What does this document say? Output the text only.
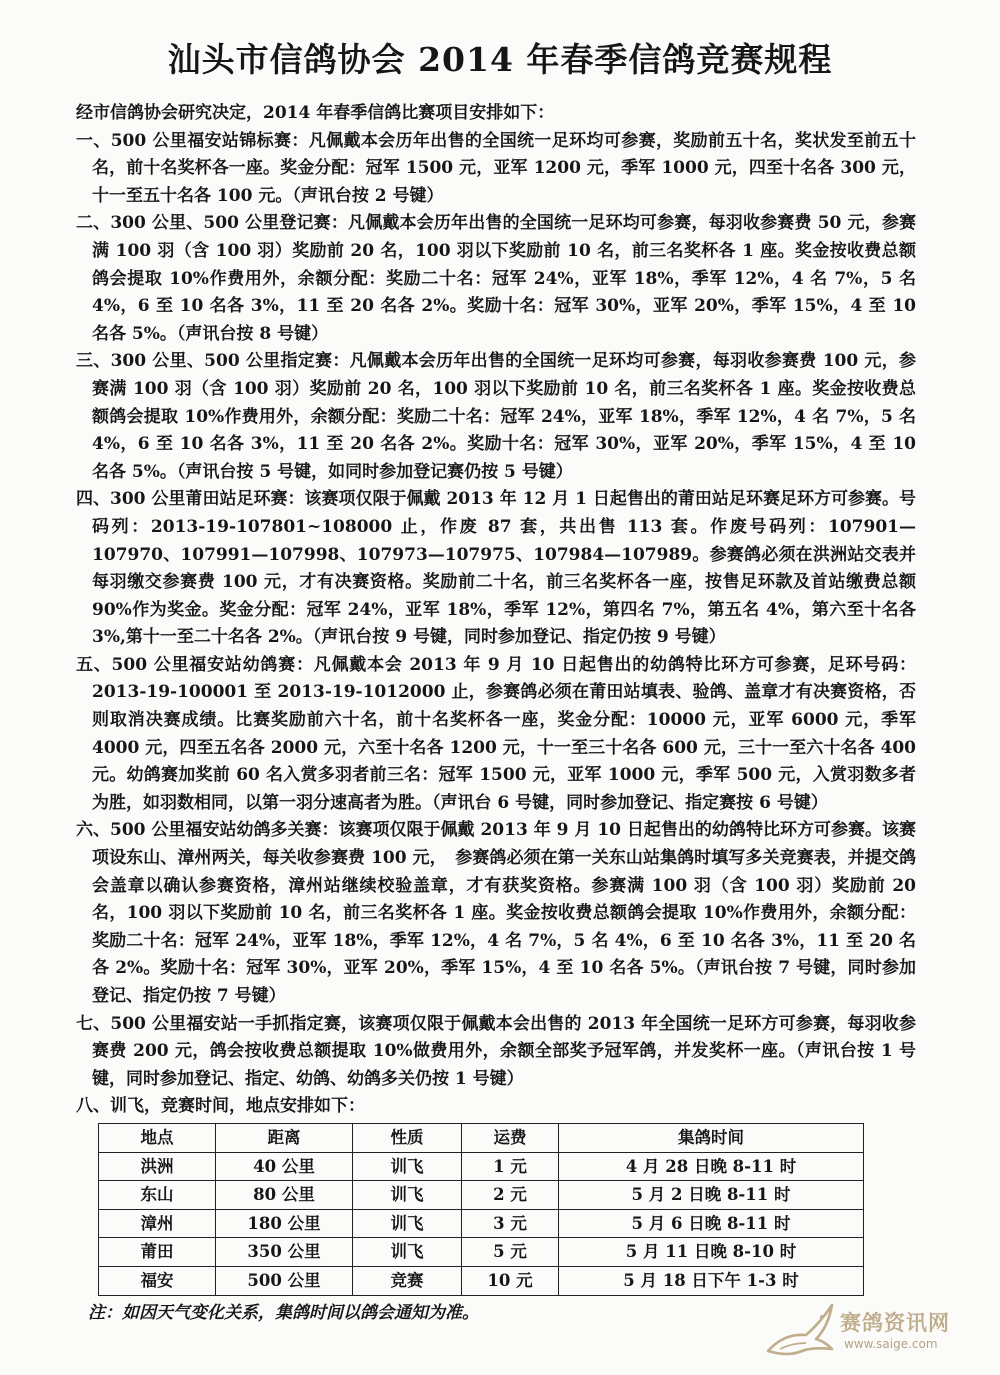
汕头市信鸽协会 2014 年春季信鸽竞赛规程

经市信鸽协会研究决定，2014 年春季信鸽比赛项目安排如下：

一、500 公里福安站锦标赛：凡佩戴本会历年出售的全国统一足环均可参赛，奖励前五十名，奖状发至前五十名，前十名奖杯各一座。奖金分配：冠军 1500 元，亚军 1200 元，季军 1000 元，四至十名各 300 元，十一至五十名各 100 元。（声讯台按 2 号键）

二、300 公里、500 公里登记赛：凡佩戴本会历年出售的全国统一足环均可参赛，每羽收参赛费 50 元，参赛满 100 羽（含 100 羽）奖励前 20 名，100 羽以下奖励前 10 名，前三名奖杯各 1 座。奖金按收费总额鸽会提取 10%作费用外，余额分配：奖励二十名：冠军 24%，亚军 18%，季军 12%，4 名 7%，5 名 4%，6 至 10 名各 3%，11 至 20 名各 2%。奖励十名：冠军 30%，亚军 20%，季军 15%，4 至 10 名各 5%。（声讯台按 8 号键）

三、300 公里、500 公里指定赛：凡佩戴本会历年出售的全国统一足环均可参赛，每羽收参赛费 100 元，参赛满 100 羽（含 100 羽）奖励前 20 名，100 羽以下奖励前 10 名，前三名奖杯各 1 座。奖金按收费总额鸽会提取 10%作费用外，余额分配：奖励二十名：冠军 24%，亚军 18%，季军 12%，4 名 7%，5 名 4%，6 至 10 名各 3%，11 至 20 名各 2%。奖励十名：冠军 30%，亚军 20%，季军 15%，4 至 10 名各 5%。（声讯台按 5 号键，如同时参加登记赛仍按 5 号键）

四、300 公里莆田站足环赛：该赛项仅限于佩戴 2013 年 12 月 1 日起售出的莆田站足环赛足环方可参赛。号码列：2013-19-107801~108000 止，作废 87 套，共出售 113 套。作废号码列：107901—107970、107991—107998、107973—107975、107984—107989。参赛鸽必须在洪洲站交表并每羽缴交参赛费 100 元，才有决赛资格。奖励前二十名，前三名奖杯各一座，按售足环款及首站缴费总额 90%作为奖金。奖金分配：冠军 24%，亚军 18%，季军 12%，第四名 7%，第五名 4%，第六至十名各 3%,第十一至二十名各 2%。（声讯台按 9 号键，同时参加登记、指定仍按 9 号键）

五、500 公里福安站幼鸽赛：凡佩戴本会 2013 年 9 月 10 日起售出的幼鸽特比环方可参赛，足环号码：2013-19-100001 至 2013-19-1012000 止，参赛鸽必须在莆田站填表、验鸽、盖章才有决赛资格，否则取消决赛成绩。比赛奖励前六十名，前十名奖杯各一座，奖金分配：10000 元，亚军 6000 元，季军 4000 元，四至五名各 2000 元，六至十名各 1200 元，十一至三十名各 600 元，三十一至六十名各 400 元。幼鸽赛加奖前 60 名入赏多羽者前三名：冠军 1500 元，亚军 1000 元，季军 500 元，入赏羽数多者为胜，如羽数相同，以第一羽分速高者为胜。（声讯台 6 号键，同时参加登记、指定赛按 6 号键）

六、500 公里福安站幼鸽多关赛：该赛项仅限于佩戴 2013 年 9 月 10 日起售出的幼鸽特比环方可参赛。该赛项设东山、漳州两关，每关收参赛费 100 元，　参赛鸽必须在第一关东山站集鸽时填写多关竞赛表，并提交鸽会盖章以确认参赛资格，漳州站继续校验盖章，才有获奖资格。参赛满 100 羽（含 100 羽）奖励前 20 名，100 羽以下奖励前 10 名，前三名奖杯各 1 座。奖金按收费总额鸽会提取 10%作费用外，余额分配：奖励二十名：冠军 24%，亚军 18%，季军 12%，4 名 7%，5 名 4%，6 至 10 名各 3%，11 至 20 名各 2%。奖励十名：冠军 30%，亚军 20%，季军 15%，4 至 10 名各 5%。（声讯台按 7 号键，同时参加登记、指定仍按 7 号键）

七、500 公里福安站一手抓指定赛，该赛项仅限于佩戴本会出售的 2013 年全国统一足环方可参赛，每羽收参赛费 200 元，鸽会按收费总额提取 10%做费用外，余额全部奖予冠军鸽，并发奖杯一座。（声讯台按 1 号键，同时参加登记、指定、幼鸽、幼鸽多关仍按 1 号键）

八、训飞，竞赛时间，地点安排如下：

地点	距离	性质	运费	集鸽时间
洪洲	40 公里	训飞	1 元	4 月 28 日晚 8-11 时
东山	80 公里	训飞	2 元	5 月 2 日晚 8-11 时
漳州	180 公里	训飞	3 元	5 月 6 日晚 8-11 时
莆田	350 公里	训飞	5 元	5 月 11 日晚 8-10 时
福安	500 公里	竞赛	10 元	5 月 18 日下午 1-3 时

注：如因天气变化关系，集鸽时间以鸽会通知为准。	赛鸽资讯网
www.saige.com
